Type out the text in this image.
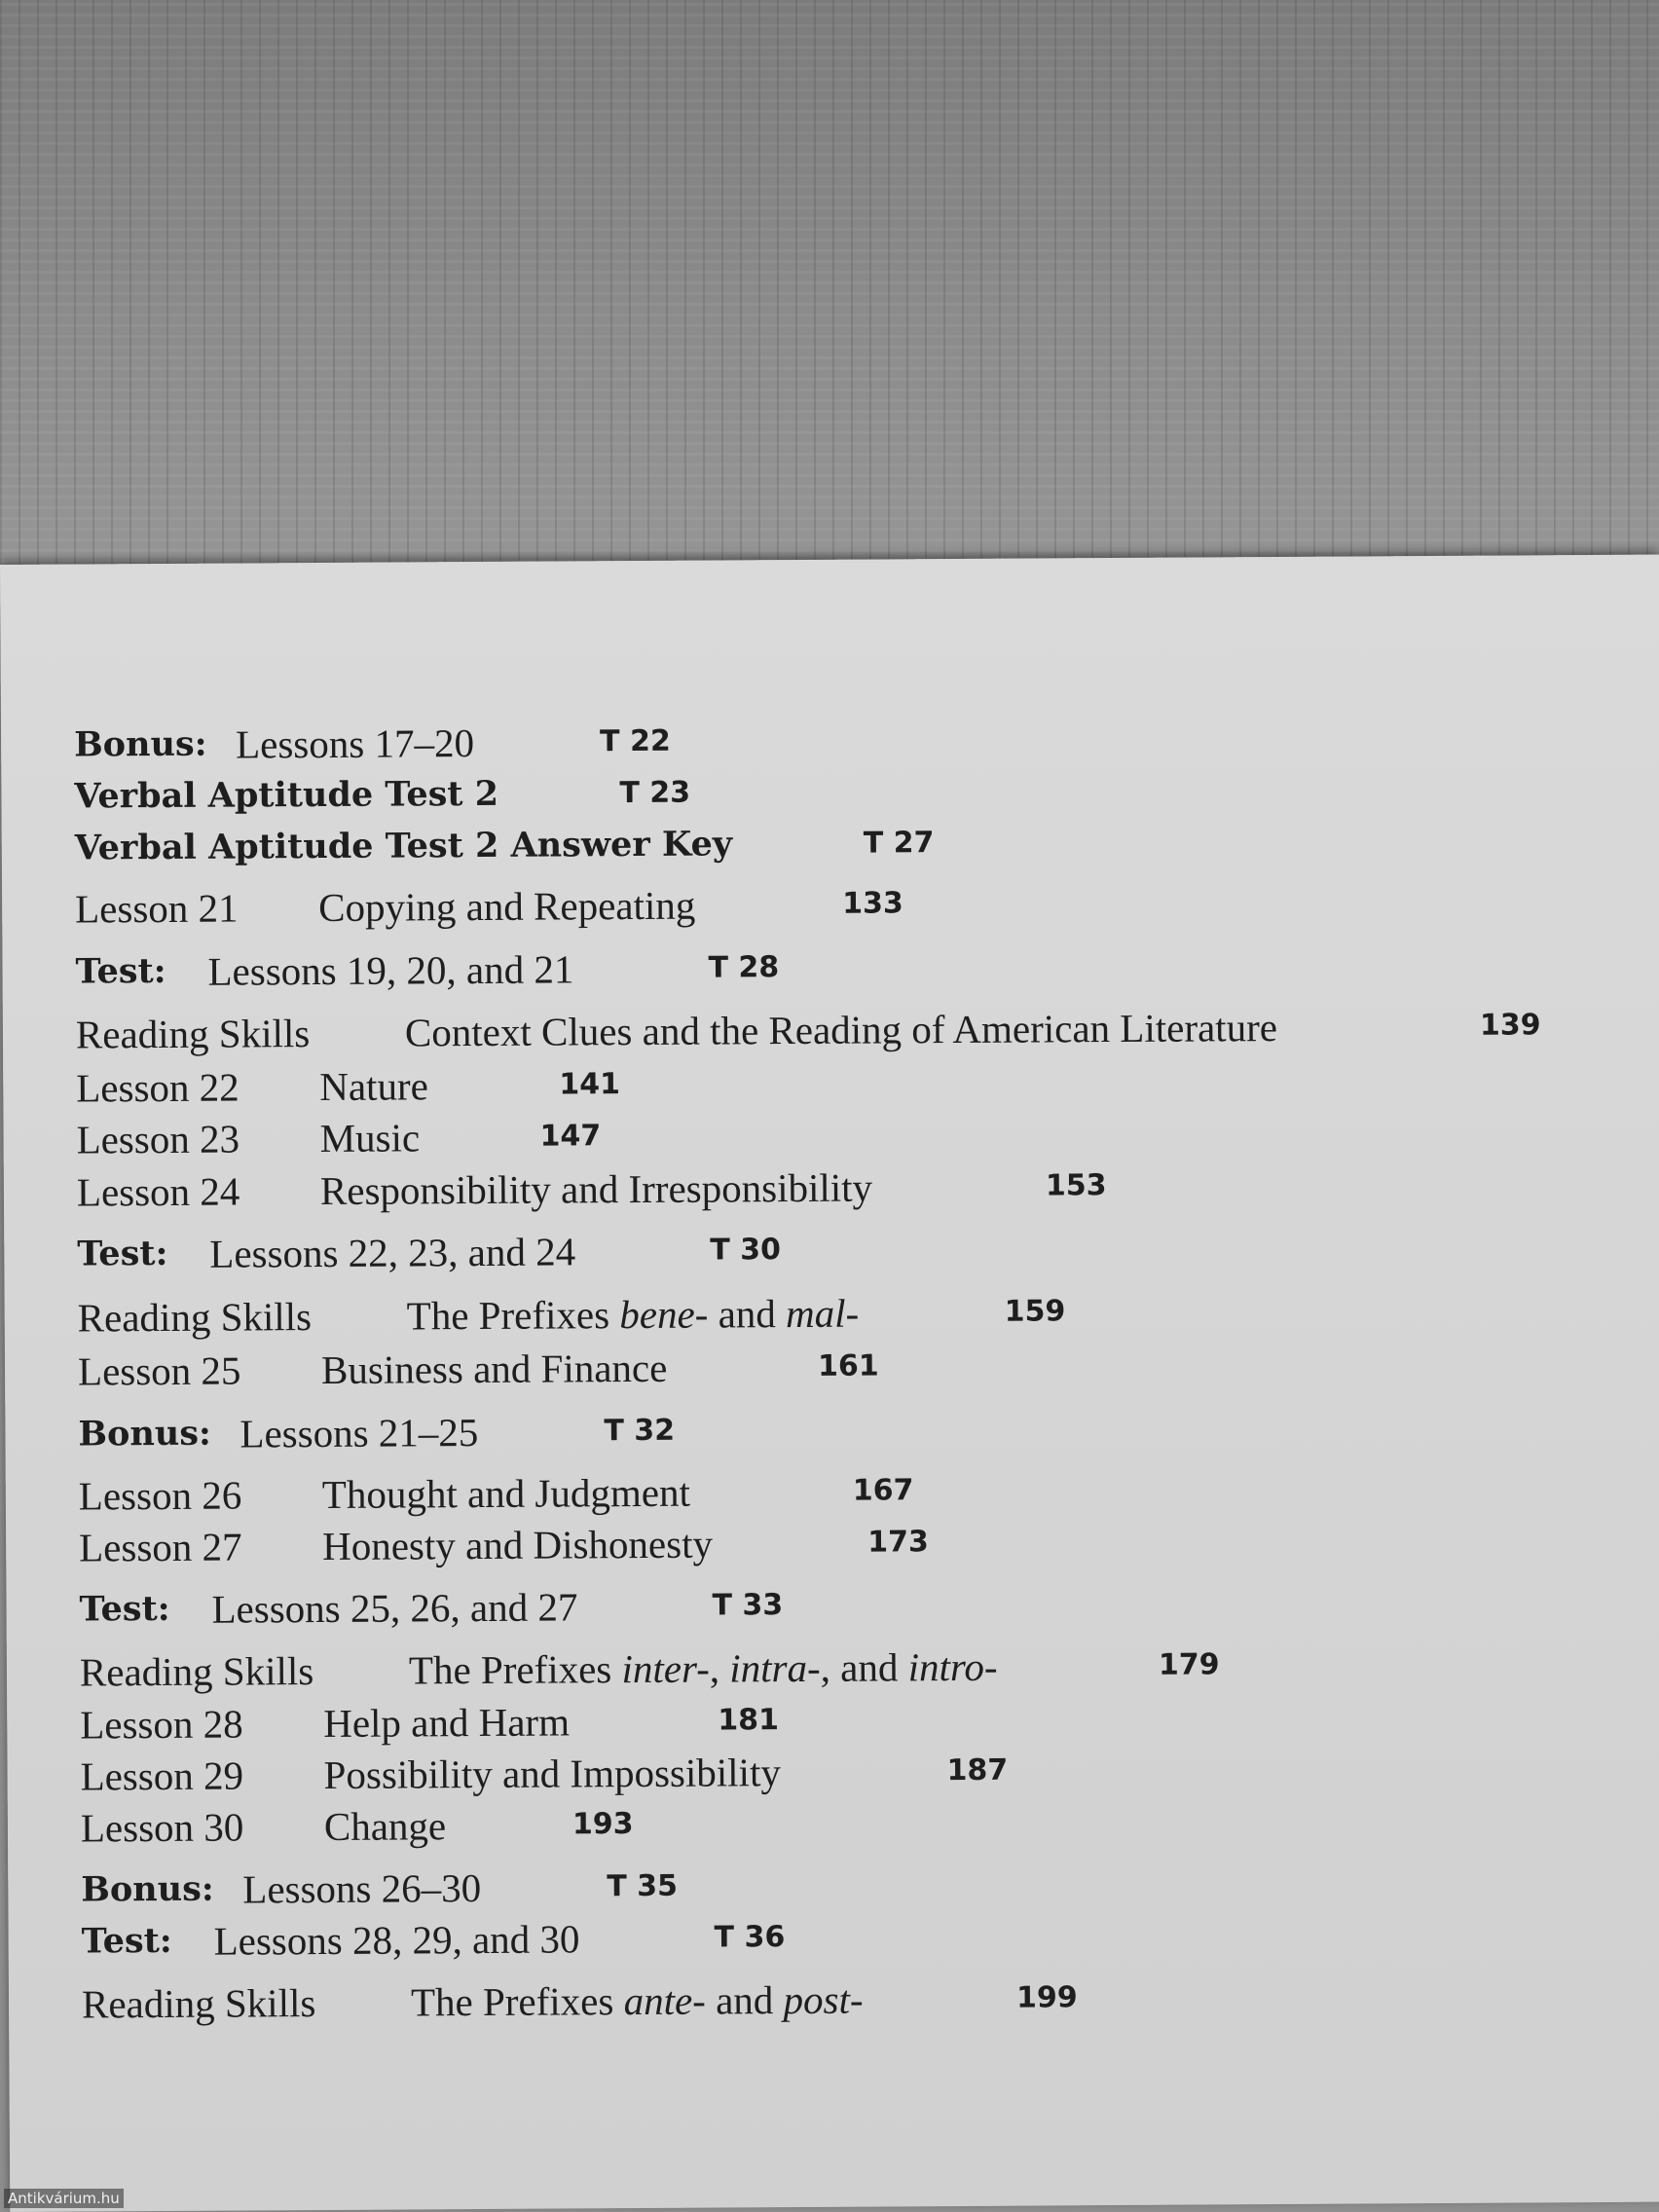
Bonus: Lessons 17–20	T 22
Verbal Aptitude Test 2	T 23
Verbal Aptitude Test 2 Answer Key	T 27
Lesson 21 Copying and Repeating	133
Test: Lessons 19, 20, and 21	T 28
Reading Skills Context Clues and the Reading of American Literature	139
Lesson 22 Nature	141
Lesson 23 Music	147
Lesson 24 Responsibility and Irresponsibility	153
Test: Lessons 22, 23, and 24	T 30
Reading Skills The Prefixes bene- and mal-	159
Lesson 25 Business and Finance	161
Bonus: Lessons 21–25	T 32
Lesson 26 Thought and Judgment	167
Lesson 27 Honesty and Dishonesty	173
Test: Lessons 25, 26, and 27	T 33
Reading Skills The Prefixes inter-, intra-, and intro-	179
Lesson 28 Help and Harm	181
Lesson 29 Possibility and Impossibility	187
Lesson 30 Change	193
Bonus: Lessons 26–30	T 35
Test: Lessons 28, 29, and 30	T 36
Reading Skills The Prefixes ante- and post-	199
Antikvárium.hu
